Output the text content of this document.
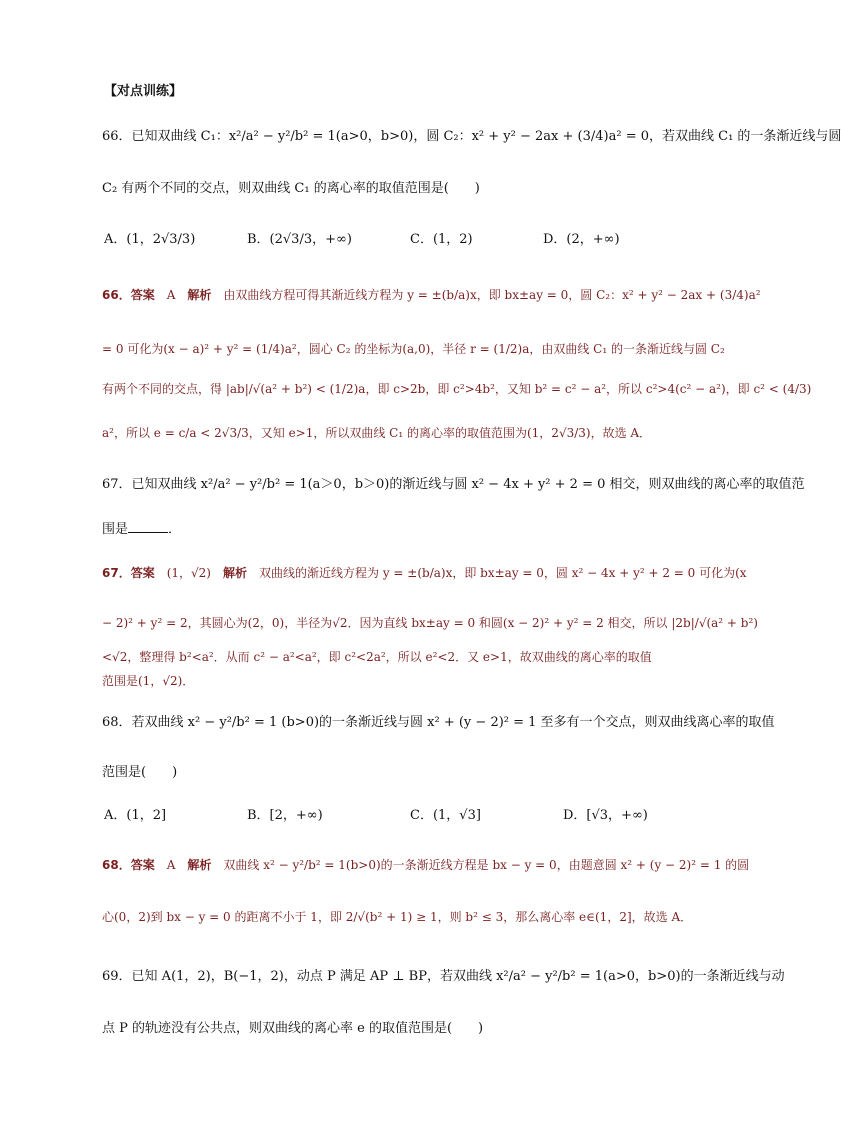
【对点训练】
66．已知双曲线 C₁：x²/a² − y²/b² = 1(a>0，b>0)，圆 C₂：x² + y² − 2ax + (3/4)a² = 0，若双曲线 C₁ 的一条渐近线与圆
C₂ 有两个不同的交点，则双曲线 C₁ 的离心率的取值范围是(　　)
A．(1，2√3/3)	B．(2√3/3，+∞)	C．(1，2)	D．(2，+∞)
66．答案　A　解析　由双曲线方程可得其渐近线方程为 y = ±(b/a)x，即 bx±ay = 0，圆 C₂：x² + y² − 2ax + (3/4)a²
= 0 可化为(x − a)² + y² = (1/4)a²，圆心 C₂ 的坐标为(a,0)，半径 r = (1/2)a，由双曲线 C₁ 的一条渐近线与圆 C₂
有两个不同的交点，得 |ab|/√(a² + b²) < (1/2)a，即 c>2b，即 c²>4b²，又知 b² = c² − a²，所以 c²>4(c² − a²)，即 c² < (4/3)
a²，所以 e = c/a < 2√3/3，又知 e>1，所以双曲线 C₁ 的离心率的取值范围为(1，2√3/3)，故选 A．
67．已知双曲线 x²/a² − y²/b² = 1(a＞0，b＞0)的渐近线与圆 x² − 4x + y² + 2 = 0 相交，则双曲线的离心率的取值范
围是	．
67．答案　(1，√2)　解析　双曲线的渐近线方程为 y = ±(b/a)x，即 bx±ay = 0，圆 x² − 4x + y² + 2 = 0 可化为(x
− 2)² + y² = 2，其圆心为(2，0)，半径为√2．因为直线 bx±ay = 0 和圆(x − 2)² + y² = 2 相交，所以 |2b|/√(a² + b²)
<√2，整理得 b²<a²．从而 c² − a²<a²，即 c²<2a²，所以 e²<2．又 e>1，故双曲线的离心率的取值
范围是(1，√2)．
68．若双曲线 x² − y²/b² = 1 (b>0)的一条渐近线与圆 x² + (y − 2)² = 1 至多有一个交点，则双曲线离心率的取值
范围是(　　)
A．(1，2]	B．[2，+∞)	C．(1，√3]	D．[√3，+∞)
68．答案　A　解析　双曲线 x² − y²/b² = 1(b>0)的一条渐近线方程是 bx − y = 0，由题意圆 x² + (y − 2)² = 1 的圆
心(0，2)到 bx − y = 0 的距离不小于 1，即 2/√(b² + 1) ≥ 1，则 b² ≤ 3，那么离心率 e∈(1，2]，故选 A．
69．已知 A(1，2)，B(−1，2)，动点 P 满足 AP ⊥ BP，若双曲线 x²/a² − y²/b² = 1(a>0，b>0)的一条渐近线与动
点 P 的轨迹没有公共点，则双曲线的离心率 e 的取值范围是(　　)
